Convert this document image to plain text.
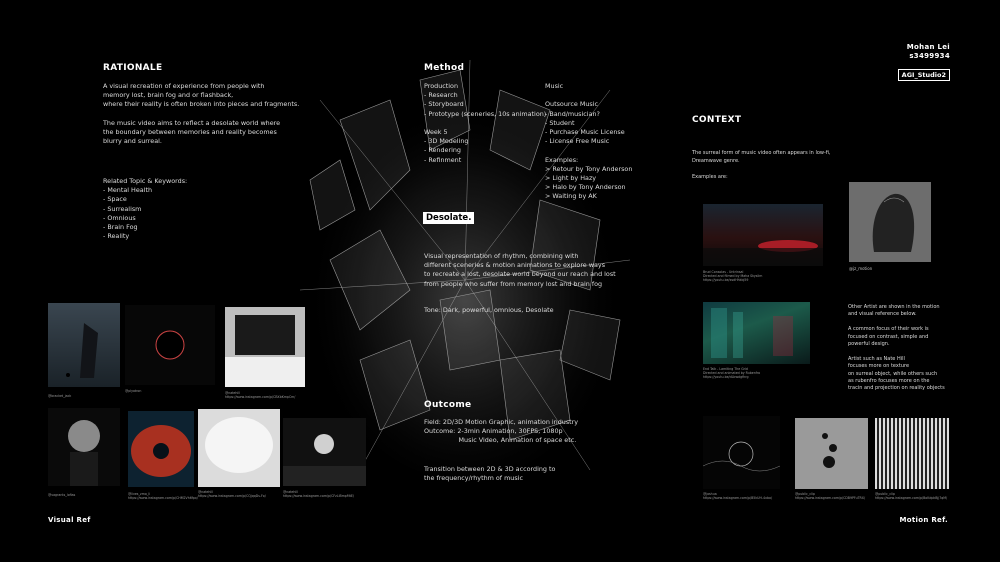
Mohan Lei
s3499934
AGI_Studio2
RATIONALE
A visual recreation of experience from people with
memory lost, brain fog and or flashback,
where their reality is often broken into pieces and fragments.
The music video aims to reflect a desolate world where
the boundary between memories and reality becomes
blurry and surreal.
Related Topic & Keywords:
- Mental Health
- Space
- Surrealism
- Omnious
- Brain Fog
- Reality
Method
Production
- Research
- Storyboard
- Prototype (sceneries, 10s animation)

Week 5
- 3D Modeling
- Rendering
- Refinment
Music

Outsource Music
- Band/musician?
- Student
- Purchase Music License
- License Free Music

Examples:
> Retour by Tony Anderson
> Light by Hazy
> Halo by Tony Anderson
> Waiting by AK
Desolate.
Visual representation of rhythm, combining with
different sceneries & motion animations to explore ways
to recreate a lost, desolate world beyond our reach and lost
from people who suffer from memory lost and brain fog
Tone: Dark, powerful, omnious, Desolate
Outcome
Field: 2D/3D Motion Graphic, animation industry
Outcome: 2-3min Animation, 30FPS, 1080p
Music Video, Animation of space etc.
Transition between 2D & 3D according to
the frequency/rhythm of music
CONTEXT
The surreal form of music video often appears in low-fi,
Dreamwave genre.
Examples are:
Brud Consolas - Untrinsal
Directed and filmed by Maha Skyslim
https://youtu.be/xsdHhkbj59
@jz_motion
End Talk - Lamiting The Grid
Directed and animated by Rubenfro
https://youtu.be/dLbwdgfhrg
Other Artist are shown in the motion
and visual reference below.

A common focus of their work is
focused on contrast, simple and
powerful design.

Artist such as Nate Hill
focuses more on texture
on surreal object, while others such
as rubenfro focuses more on the
tracin and projection on reality objects
@bracket_jack
@plyatron	@natehill
https://www.instagram.com/p/CBXbKmpCm/
@vagrants_lofias	@lives_zmo_li
https://www.instagram.com/p/CHM2Vh6fpx/
@natehill
https://www.instagram.com/p/CQjqqDs-Fo/
@natehill
https://www.instagram.com/p/CFzLiBmpMtE/
Visual Ref
@joshua
https://www.instagram.com/p/B5kUH-4xbo/
@public_clip
https://www.instagram.com/p/CDB9PFuTRX/
@public_clip
https://www.instagram.com/p/BoKdpkBjj7qM/
Motion Ref.
